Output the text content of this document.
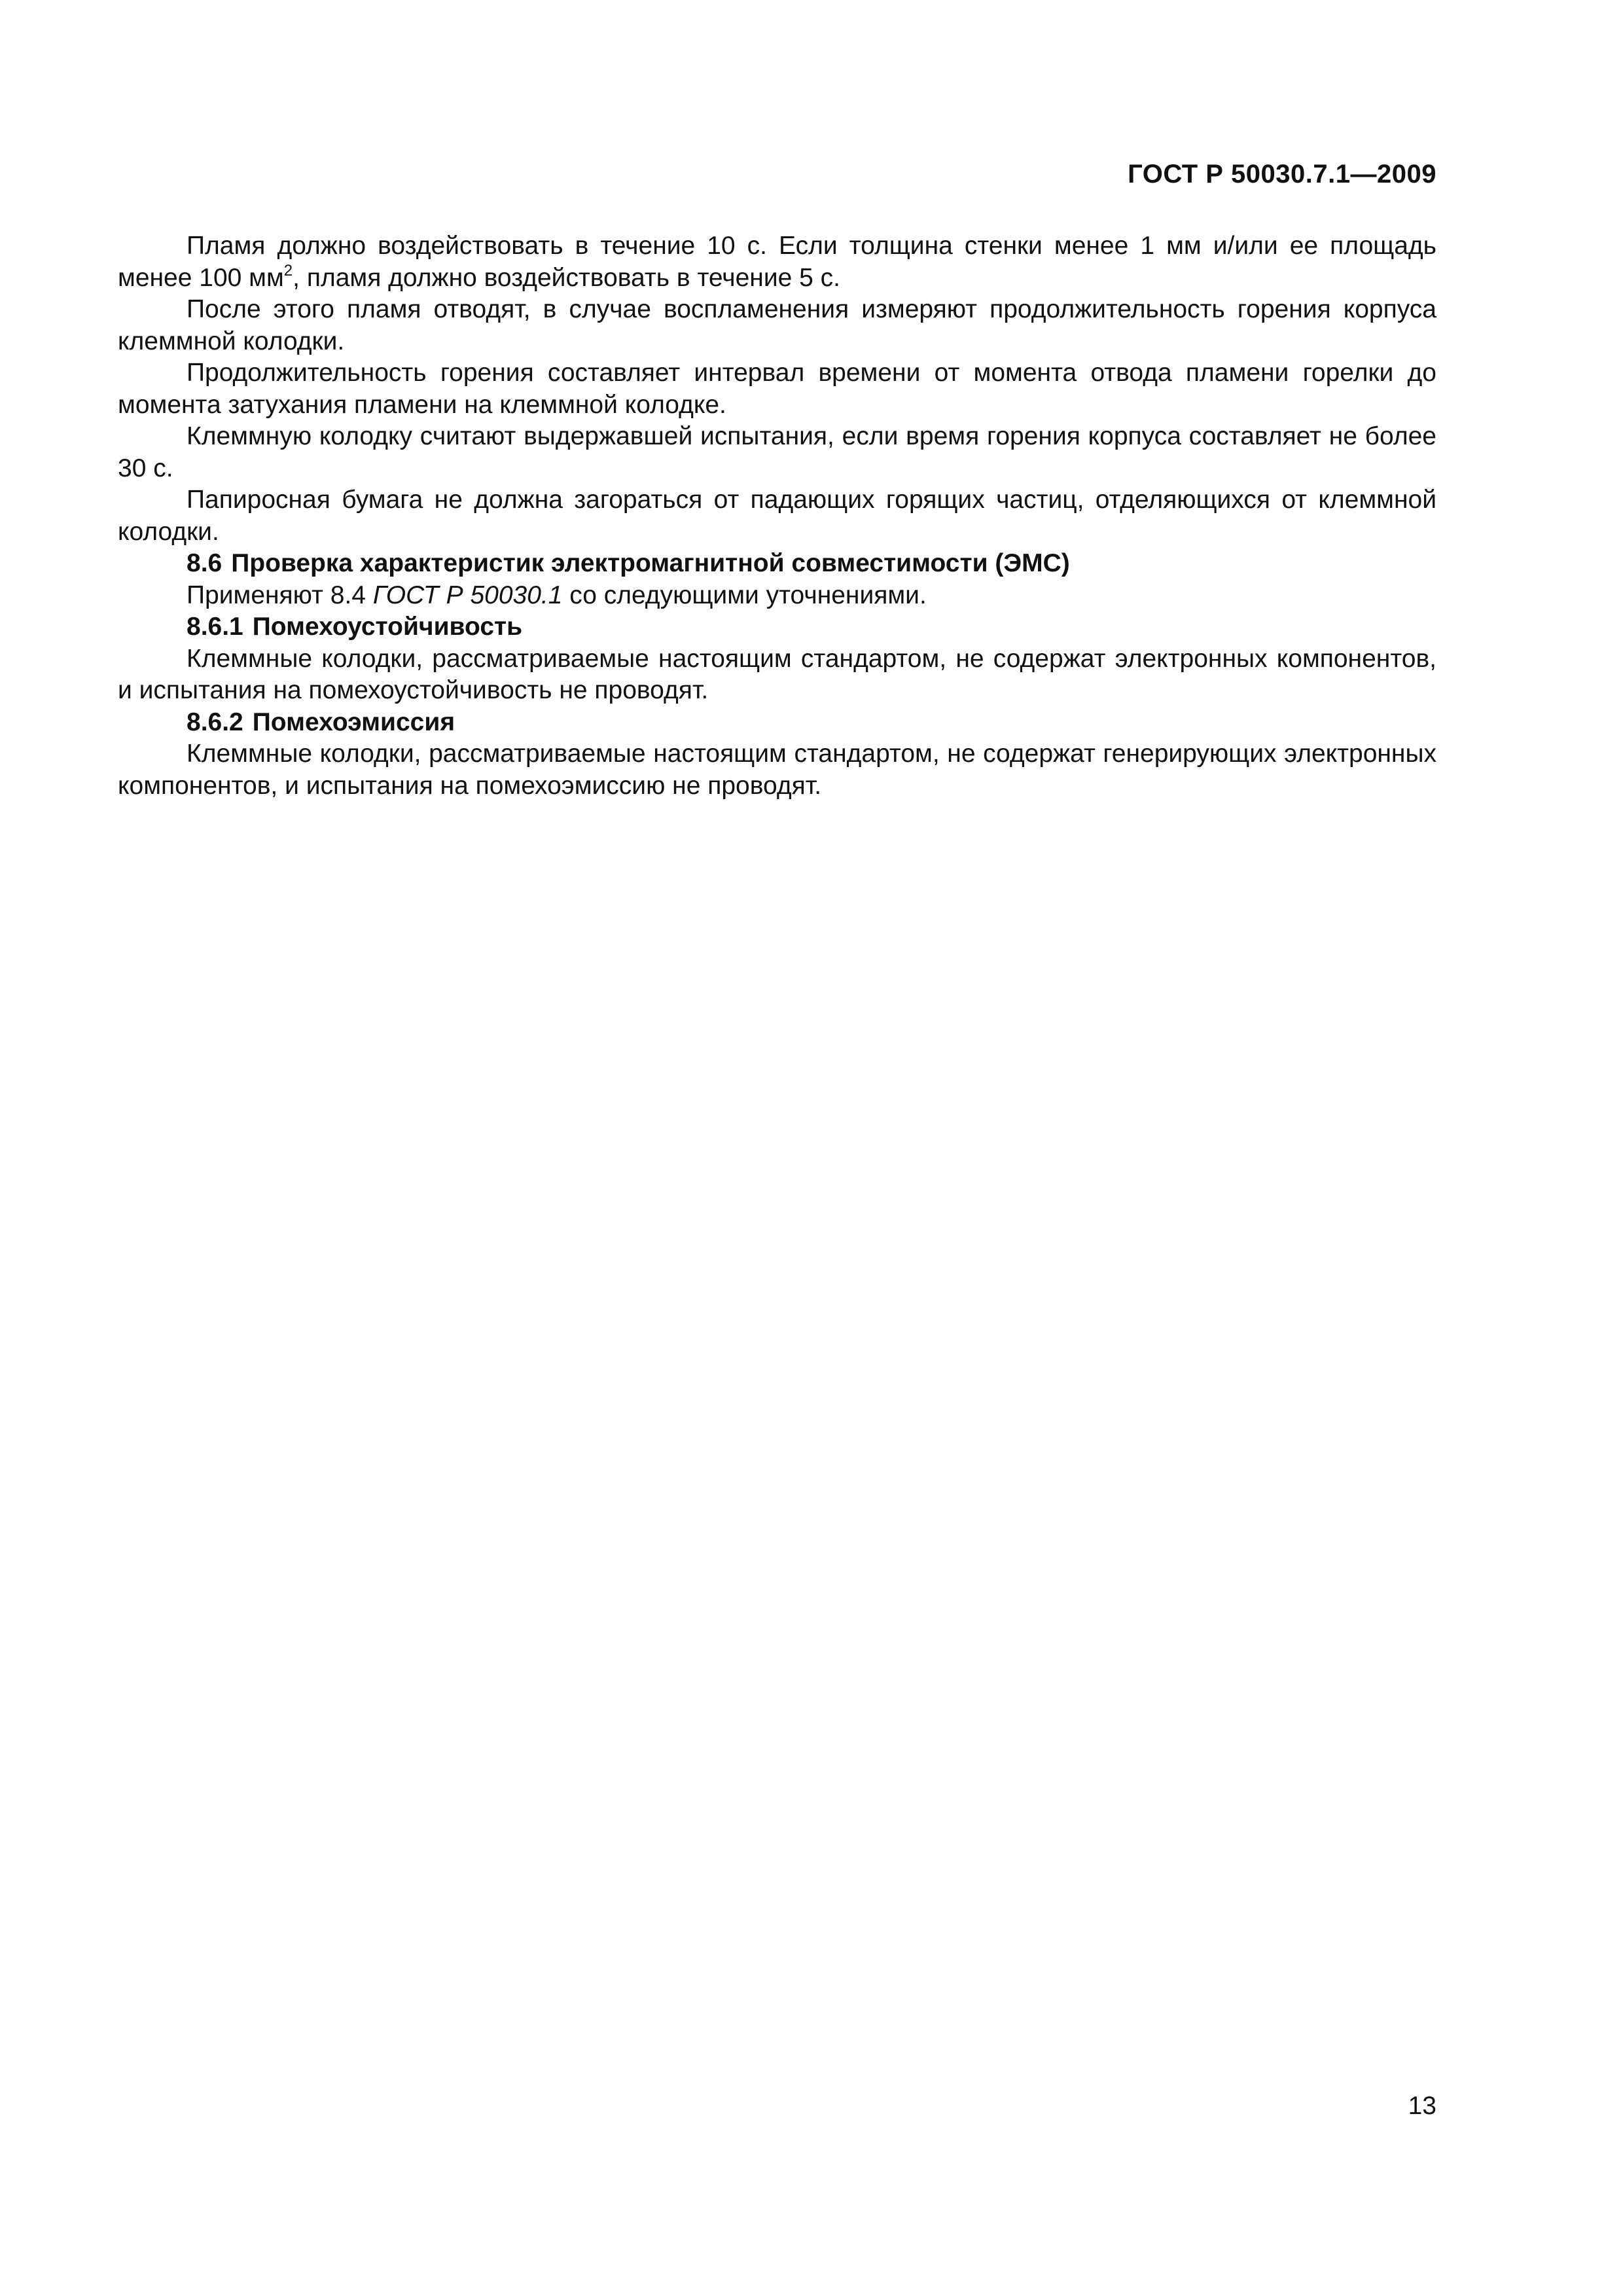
ГОСТ Р 50030.7.1—2009

Пламя должно воздействовать в течение 10 с. Если толщина стенки менее 1 мм и/или ее площадь менее 100 $мм^2$, пламя должно воздействовать в течение 5 с.

После этого пламя отводят, в случае воспламенения измеряют продолжительность горения корпуса клеммной колодки.

Продолжительность горения составляет интервал времени от момента отвода пламени горелки до момента затухания пламени на клеммной колодке.

Клеммную колодку считают выдержавшей испытания, если время горения корпуса составляет не более 30 с.

Папиросная бумага не должна загораться от падающих горящих частиц, отделяющихся от клеммной колодки.

8.6 Проверка характеристик электромагнитной совместимости (ЭМС)

Применяют 8.4 ГОСТ Р 50030.1 со следующими уточнениями.

8.6.1 Помехоустойчивость

Клеммные колодки, рассматриваемые настоящим стандартом, не содержат электронных компонентов, и испытания на помехоустойчивость не проводят.

8.6.2 Помехоэмиссия

Клеммные колодки, рассматриваемые настоящим стандартом, не содержат генерирующих электронных компонентов, и испытания на помехоэмиссию не проводят.

13
